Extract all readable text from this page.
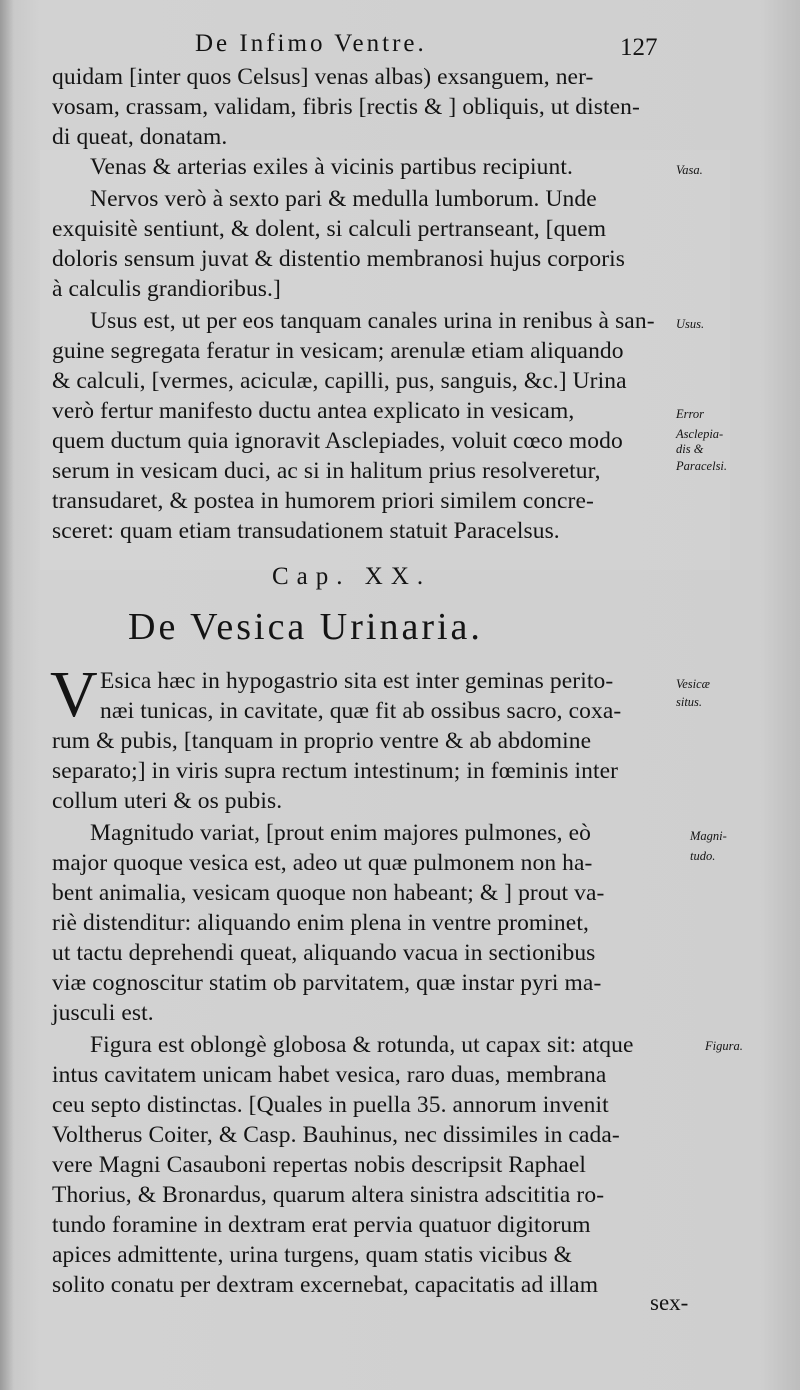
De Infimo Ventre.	127
quidam [inter quos Celsus] venas albas) exsanguem, ner-
vosam, crassam, validam, fibris [rectis & ] obliquis, ut disten-
di queat, donatam.
Venas & arterias exiles à vicinis partibus recipiunt.
Nervos verò à sexto pari & medulla lumborum. Unde
exquisitè sentiunt, & dolent, si calculi pertranseant, [quem
doloris sensum juvat & distentio membranosi hujus corporis
à calculis grandioribus.]
Usus est, ut per eos tanquam canales urina in renibus à san-
guine segregata feratur in vesicam; arenulæ etiam aliquando
& calculi, [vermes, aciculæ, capilli, pus, sanguis, &c.] Urina
verò fertur manifesto ductu antea explicato in vesicam,
quem ductum quia ignoravit Asclepiades, voluit cœco modo
serum in vesicam duci, ac si in halitum prius resolveretur,
transudaret, & postea in humorem priori similem concre-
sceret: quam etiam transudationem statuit Paracelsus.
Cap. XX.
De Vesica Urinaria.
V Esica hæc in hypogastrio sita est inter geminas perito-
næi tunicas, in cavitate, quæ fit ab ossibus sacro, coxa-
rum & pubis, [tanquam in proprio ventre & ab abdomine
separato;] in viris supra rectum intestinum; in fœminis inter
collum uteri & os pubis.
Magnitudo variat, [prout enim majores pulmones, eò
major quoque vesica est, adeo ut quæ pulmonem non ha-
bent animalia, vesicam quoque non habeant; & ] prout va-
riè distenditur: aliquando enim plena in ventre prominet,
ut tactu deprehendi queat, aliquando vacua in sectionibus
viæ cognoscitur statim ob parvitatem, quæ instar pyri ma-
jusculi est.
Figura est oblongè globosa & rotunda, ut capax sit: atque
intus cavitatem unicam habet vesica, raro duas, membrana
ceu septo distinctas. [Quales in puella 35. annorum invenit
Voltherus Coiter, & Casp. Bauhinus, nec dissimiles in cada-
vere Magni Casauboni repertas nobis descripsit Raphael
Thorius, & Bronardus, quarum altera sinistra adscititia ro-
tundo foramine in dextram erat pervia quatuor digitorum
apices admittente, urina turgens, quam statis vicibus &
solito conatu per dextram excernebat, capacitatis ad illam
sex-
Vasa.
Usus.
Error
Asclepia-
dis &
Paracelsi.
Vesicæ
situs.
Magni-
tudo.
Figura.
